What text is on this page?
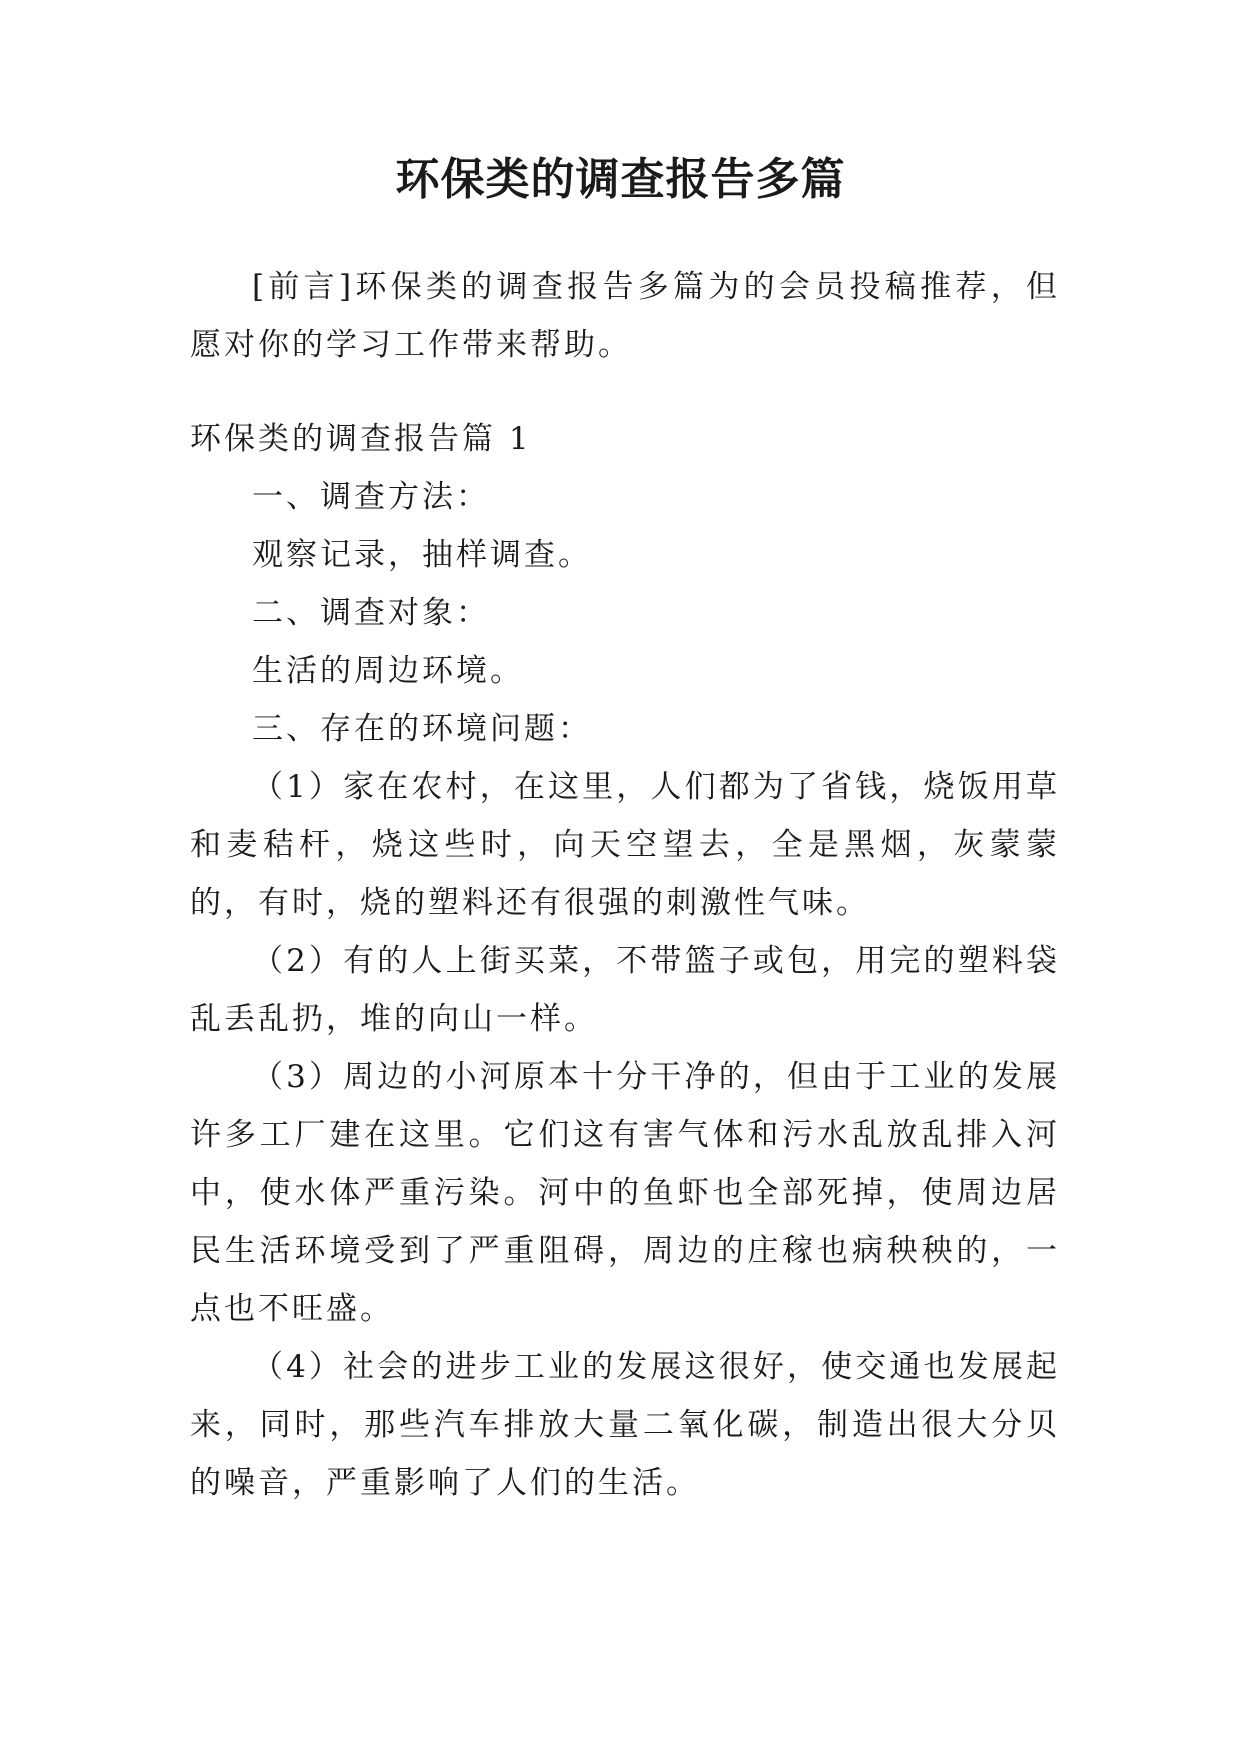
环保类的调查报告多篇

[前言]环保类的调查报告多篇为的会员投稿推荐，但愿对你的学习工作带来帮助。

环保类的调查报告篇 1

一、调查方法：

观察记录，抽样调查。

二、调查对象：

生活的周边环境。

三、存在的环境问题：

（1）家在农村，在这里，人们都为了省钱，烧饭用草和麦秸杆，烧这些时，向天空望去，全是黑烟，灰蒙蒙的，有时，烧的塑料还有很强的刺激性气味。

（2）有的人上街买菜，不带篮子或包，用完的塑料袋乱丢乱扔，堆的向山一样。

（3）周边的小河原本十分干净的，但由于工业的发展许多工厂建在这里。它们这有害气体和污水乱放乱排入河中，使水体严重污染。河中的鱼虾也全部死掉，使周边居民生活环境受到了严重阻碍，周边的庄稼也病秧秧的，一点也不旺盛。

（4）社会的进步工业的发展这很好，使交通也发展起来，同时，那些汽车排放大量二氧化碳，制造出很大分贝的噪音，严重影响了人们的生活。
